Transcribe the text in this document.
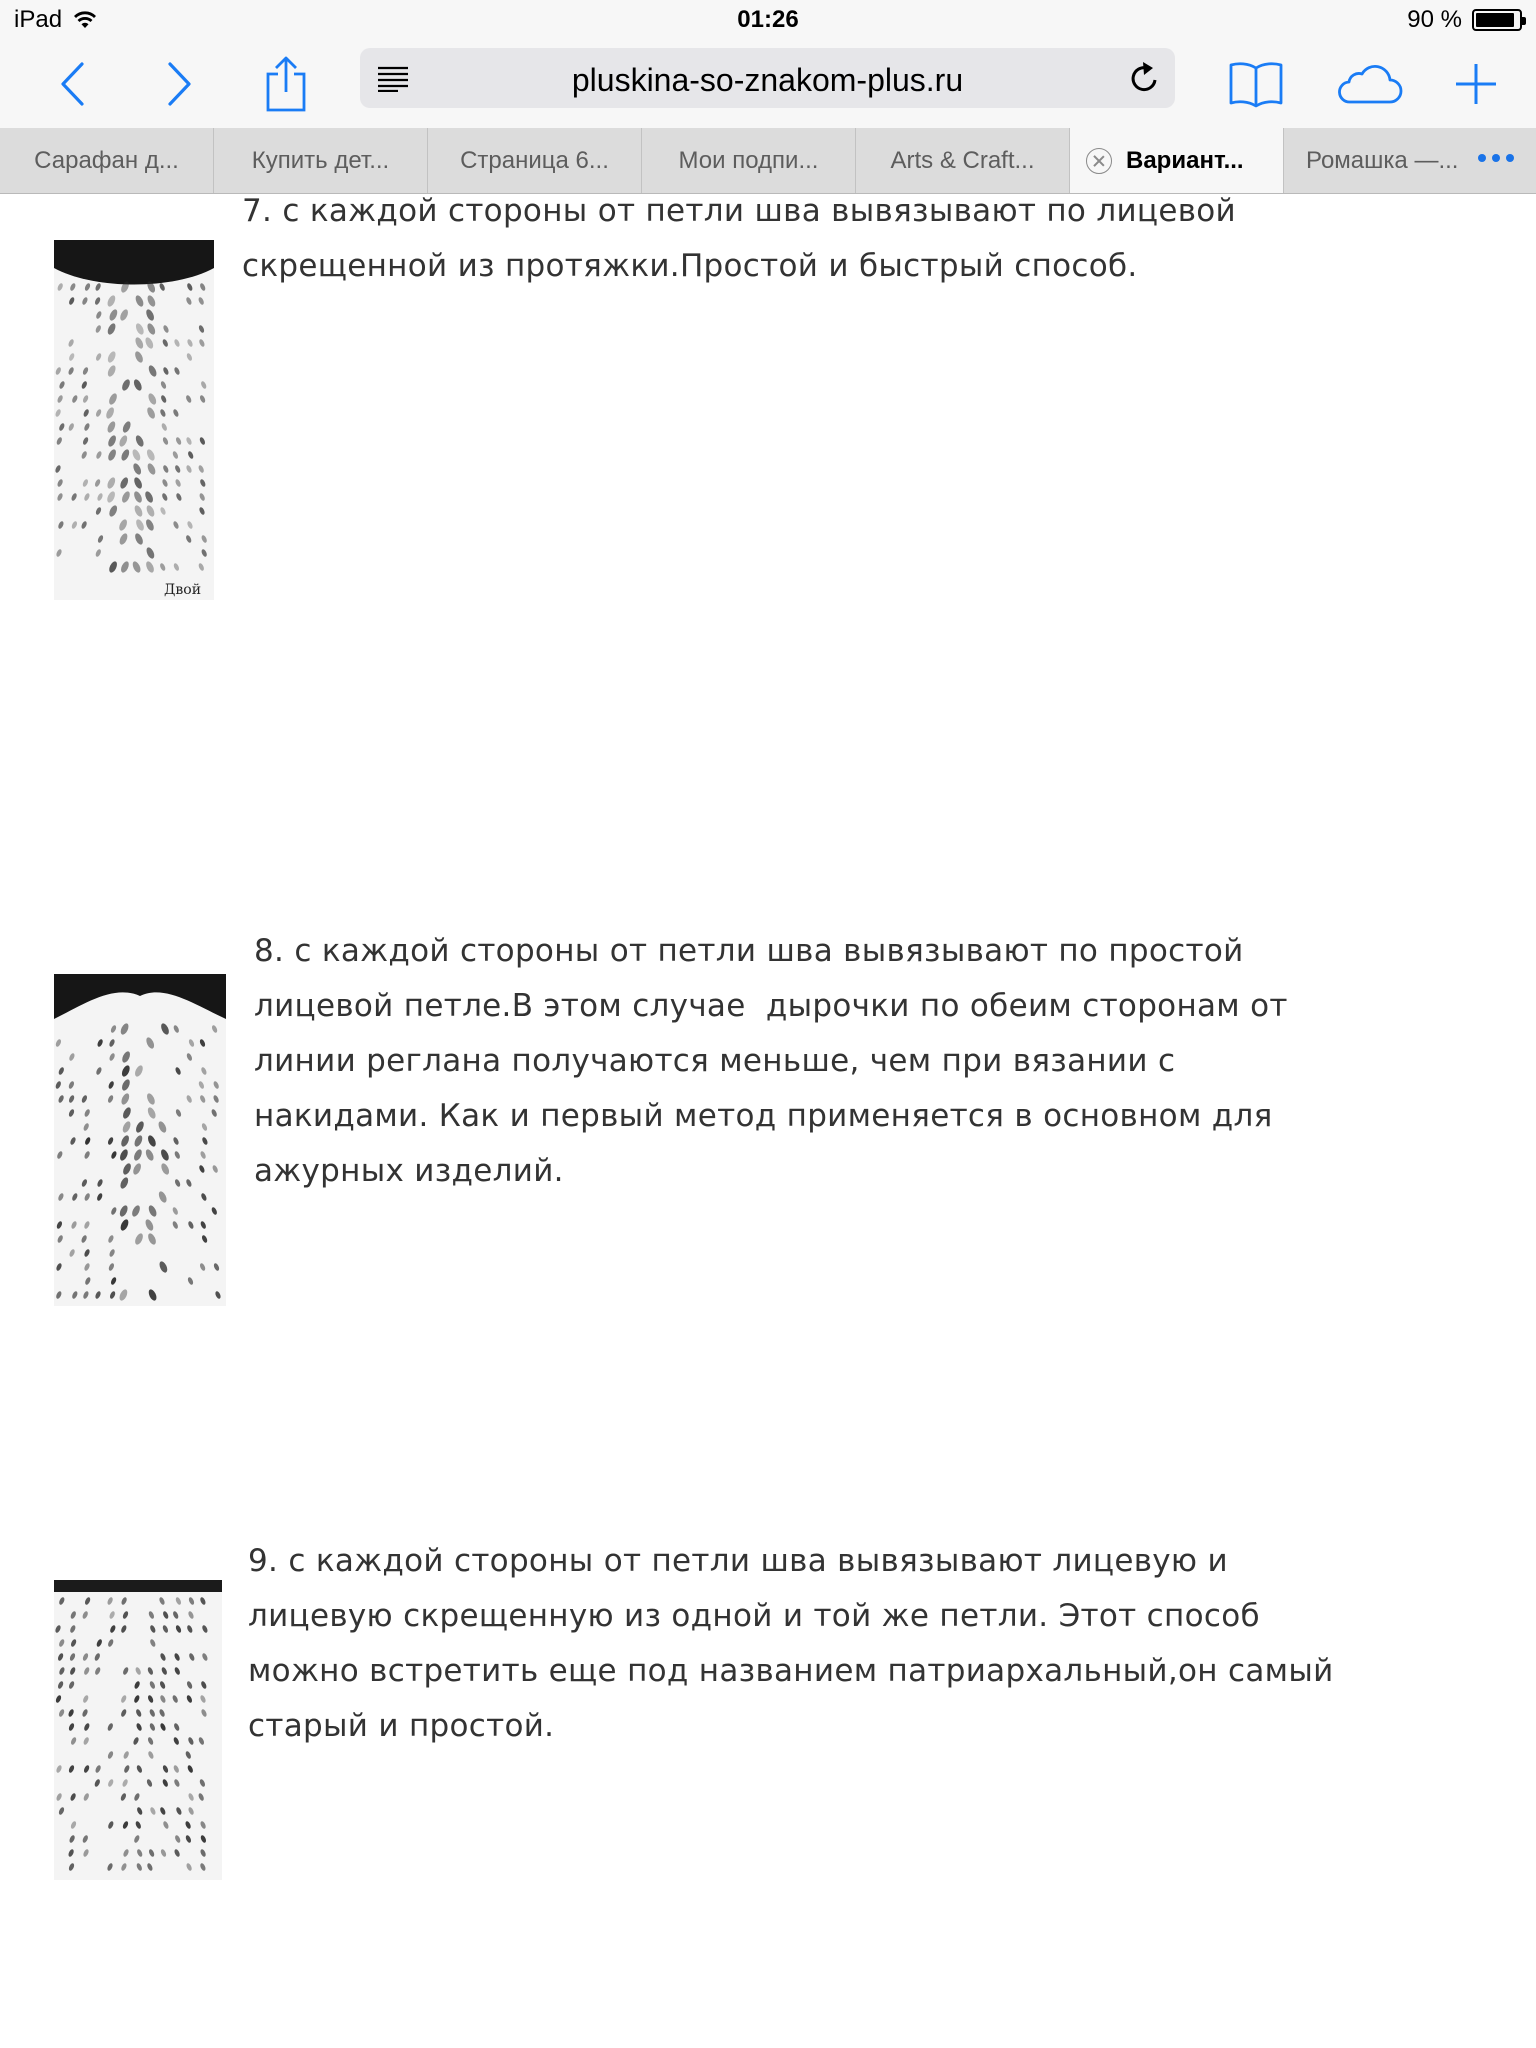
iPad	01:26	90 %
pluskina-so-znakom-plus.ru
Сарафан д...	Купить дет...	Страница 6...	Мои подпи...	Arts & Craft...	Вариант...	Ромашка —...
Двой

7. с каждой стороны от петли шва вывязывают по лицевой

скрещенной из протяжки.Простой и быстрый способ.

8. с каждой стороны от петли шва вывязывают по простой

лицевой петле.В этом случае  дырочки по обеим сторонам от

линии реглана получаются меньше, чем при вязании с

накидами. Как и первый метод применяется в основном для

ажурных изделий.

9. с каждой стороны от петли шва вывязывают лицевую и

лицевую скрещенную из одной и той же петли. Этот способ

можно встретить еще под названием патриархальный,он самый

старый и простой.
